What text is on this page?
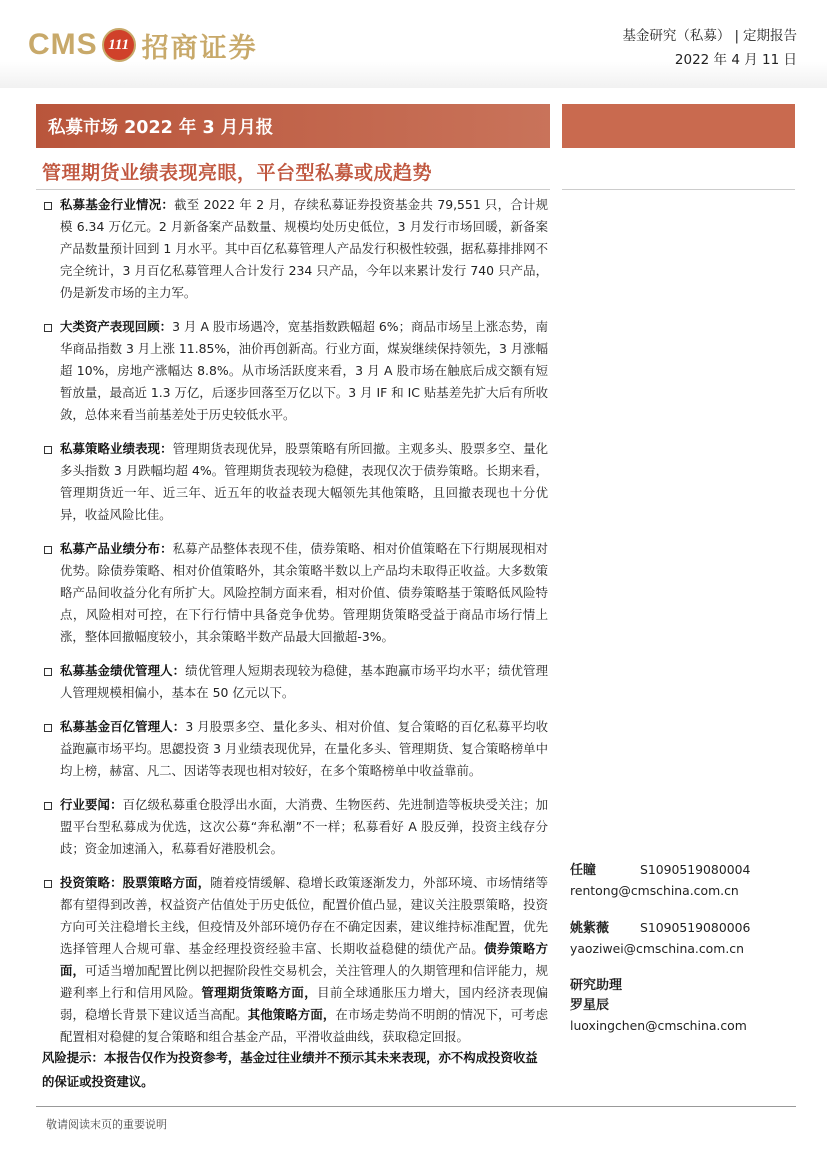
CMS 111 招商证券	基金研究（私募） | 定期报告
2022 年 4 月 11 日
私募市场 2022 年 3 月月报
管理期货业绩表现亮眼，平台型私募或成趋势
私募基金行业情况：截至 2022 年 2 月，存续私募证券投资基金共 79,551 只，合计规模 6.34 万亿元。2 月新备案产品数量、规模均处历史低位，3 月发行市场回暖，新备案产品数量预计回到 1 月水平。其中百亿私募管理人产品发行积极性较强，据私募排排网不完全统计，3 月百亿私募管理人合计发行 234 只产品，今年以来累计发行 740 只产品，仍是新发市场的主力军。
大类资产表现回顾：3 月 A 股市场遇冷，宽基指数跌幅超 6%；商品市场呈上涨态势，南华商品指数 3 月上涨 11.85%，油价再创新高。行业方面，煤炭继续保持领先，3 月涨幅超 10%，房地产涨幅达 8.8%。从市场活跃度来看，3 月 A 股市场在触底后成交额有短暂放量，最高近 1.3 万亿，后逐步回落至万亿以下。3 月 IF 和 IC 贴基差先扩大后有所收敛，总体来看当前基差处于历史较低水平。
私募策略业绩表现：管理期货表现优异，股票策略有所回撤。主观多头、股票多空、量化多头指数 3 月跌幅均超 4%。管理期货表现较为稳健，表现仅次于债券策略。长期来看，管理期货近一年、近三年、近五年的收益表现大幅领先其他策略，且回撤表现也十分优异，收益风险比佳。
私募产品业绩分布：私募产品整体表现不佳，债券策略、相对价值策略在下行期展现相对优势。除债券策略、相对价值策略外，其余策略半数以上产品均未取得正收益。大多数策略产品间收益分化有所扩大。风险控制方面来看，相对价值、债券策略基于策略低风险特点，风险相对可控，在下行行情中具备竞争优势。管理期货策略受益于商品市场行情上涨，整体回撤幅度较小，其余策略半数产品最大回撤超-3%。
私募基金绩优管理人：绩优管理人短期表现较为稳健，基本跑赢市场平均水平；绩优管理人管理规模相偏小，基本在 50 亿元以下。
私募基金百亿管理人：3 月股票多空、量化多头、相对价值、复合策略的百亿私募平均收益跑赢市场平均。思勰投资 3 月业绩表现优异，在量化多头、管理期货、复合策略榜单中均上榜，赫富、凡二、因诺等表现也相对较好，在多个策略榜单中收益靠前。
行业要闻：百亿级私募重仓股浮出水面，大消费、生物医药、先进制造等板块受关注；加盟平台型私募成为优选，这次公募“奔私潮”不一样；私募看好 A 股反弹，投资主线存分歧；资金加速涌入，私募看好港股机会。
投资策略：股票策略方面，随着疫情缓解、稳增长政策逐渐发力，外部环境、市场情绪等都有望得到改善，权益资产估值处于历史低位，配置价值凸显，建议关注股票策略，投资方向可关注稳增长主线，但疫情及外部环境仍存在不确定因素，建议维持标准配置，优先选择管理人合规可靠、基金经理投资经验丰富、长期收益稳健的绩优产品。债券策略方面，可适当增加配置比例以把握阶段性交易机会，关注管理人的久期管理和信评能力，规避利率上行和信用风险。管理期货策略方面，目前全球通胀压力增大，国内经济表现偏弱，稳增长背景下建议适当高配。其他策略方面，在市场走势尚不明朗的情况下，可考虑配置相对稳健的复合策略和组合基金产品，平滑收益曲线，获取稳定回报。
风险提示：本报告仅作为投资参考，基金过往业绩并不预示其未来表现，亦不构成投资收益的保证或投资建议。
任瞳	S1090519080004
rentong@cmschina.com.cn
姚紫薇 S1090519080006
yaoziwei@cmschina.com.cn
研究助理
罗星辰
luoxingchen@cmschina.com
敬请阅读末页的重要说明
